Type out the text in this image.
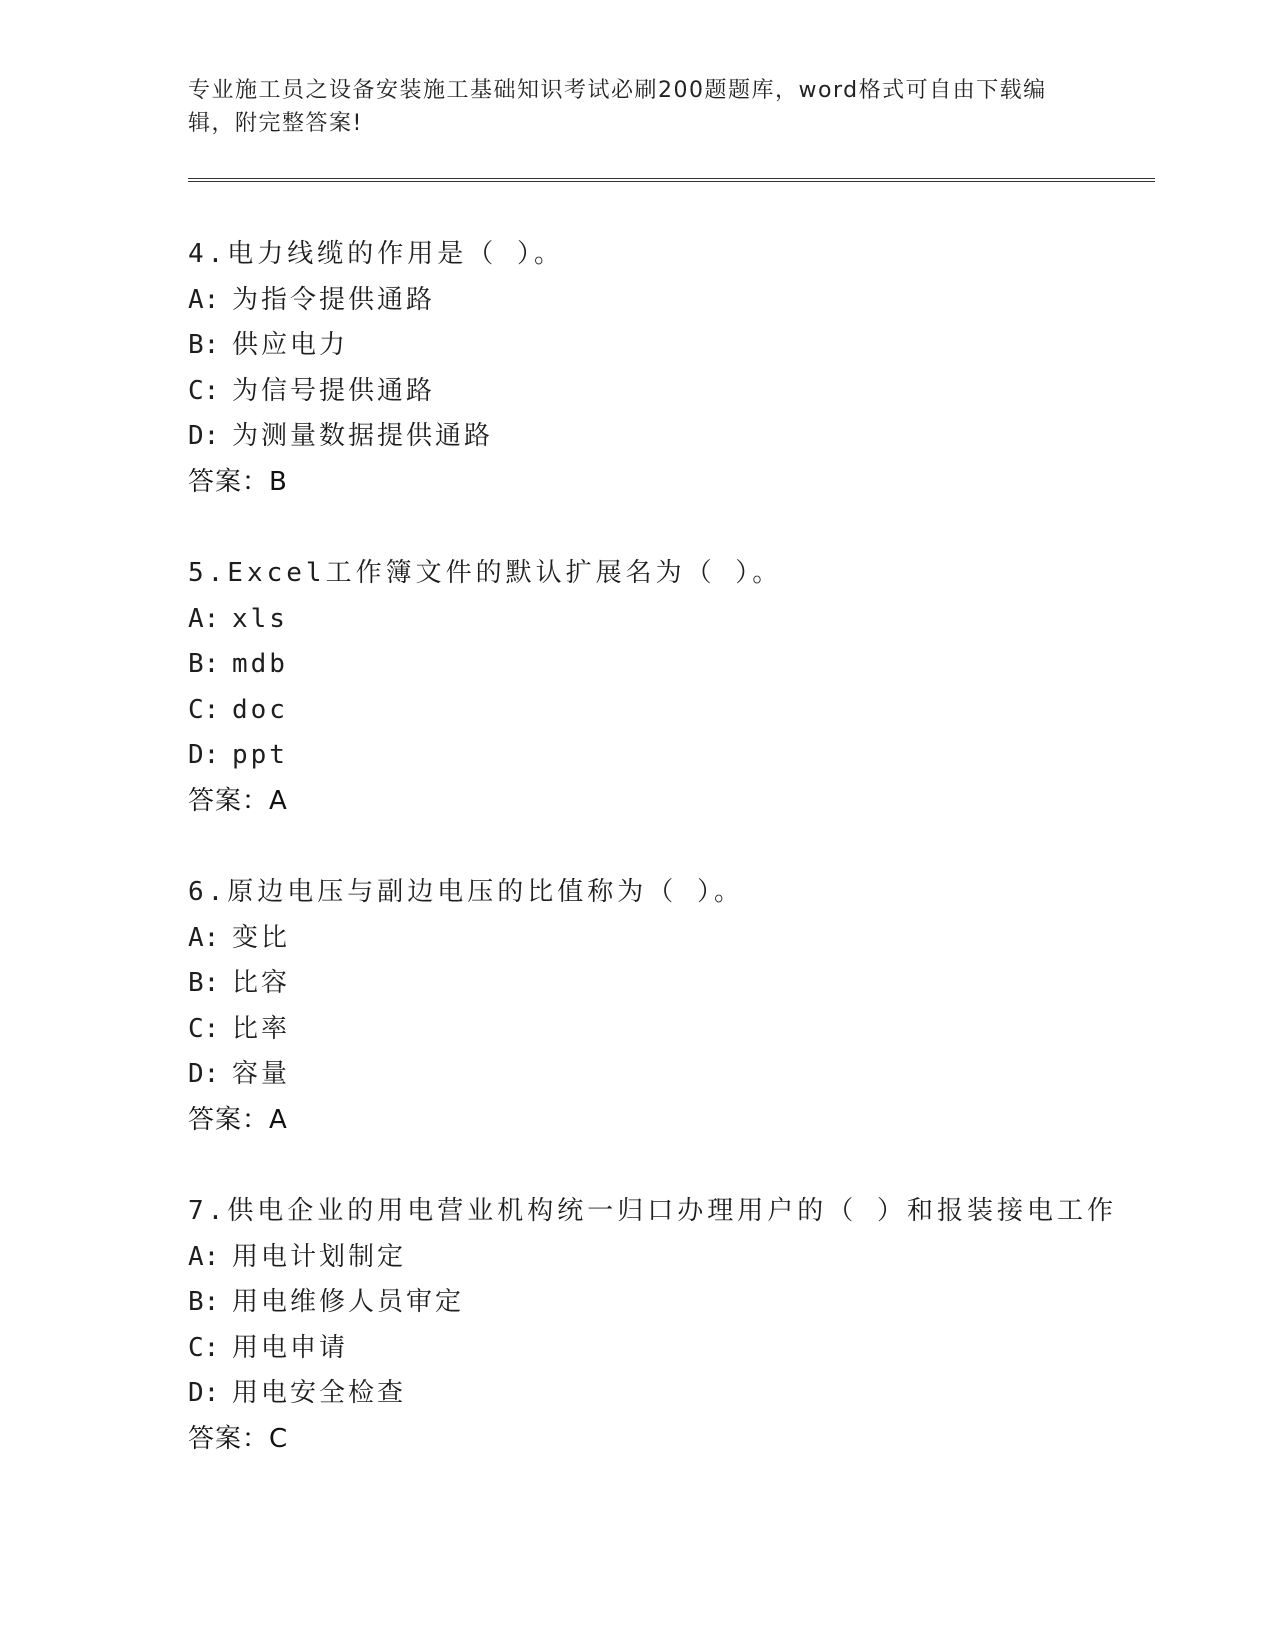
专业施工员之设备安装施工基础知识考试必刷200题题库，word格式可自由下载编辑，附完整答案!
4.电力线缆的作用是（ ）。
A: 为指令提供通路
B: 供应电力
C: 为信号提供通路
D: 为测量数据提供通路
答案：B
5.Excel工作簿文件的默认扩展名为（ ）。
A: xls
B: mdb
C: doc
D: ppt
答案：A
6.原边电压与副边电压的比值称为（ ）。
A: 变比
B: 比容
C: 比率
D: 容量
答案：A
7.供电企业的用电营业机构统一归口办理用户的（ ）和报装接电工作
A: 用电计划制定
B: 用电维修人员审定
C: 用电申请
D: 用电安全检查
答案：C
